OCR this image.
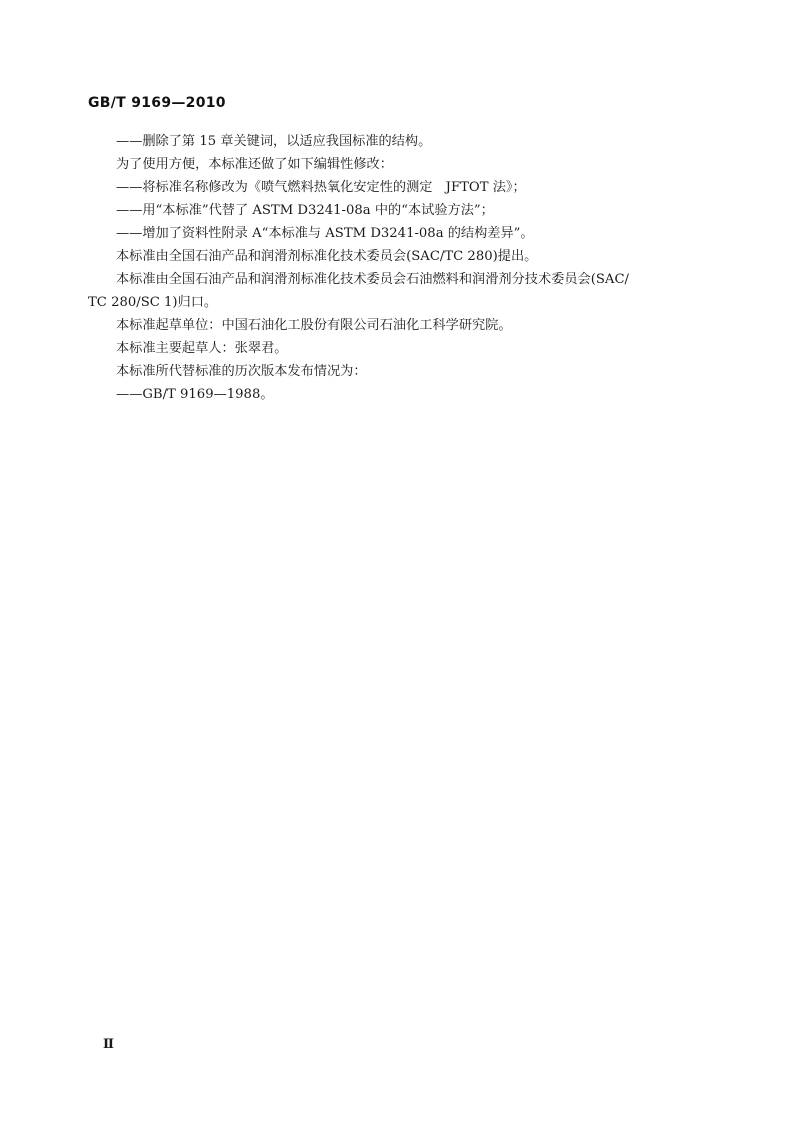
GB/T 9169—2010
——删除了第 15 章关键词，以适应我国标准的结构。
为了使用方便，本标准还做了如下编辑性修改：
——将标准名称修改为《喷气燃料热氧化安定性的测定　JFTOT 法》；
——用“本标准”代替了 ASTM D3241-08a 中的“本试验方法”；
——增加了资料性附录 A“本标准与 ASTM D3241-08a 的结构差异”。
本标准由全国石油产品和润滑剂标准化技术委员会(SAC/TC 280)提出。
本标准由全国石油产品和润滑剂标准化技术委员会石油燃料和润滑剂分技术委员会(SAC/
TC 280/SC 1)归口。
本标准起草单位：中国石油化工股份有限公司石油化工科学研究院。
本标准主要起草人：张翠君。
本标准所代替标准的历次版本发布情况为：
——GB/T 9169—1988。
Ⅱ
